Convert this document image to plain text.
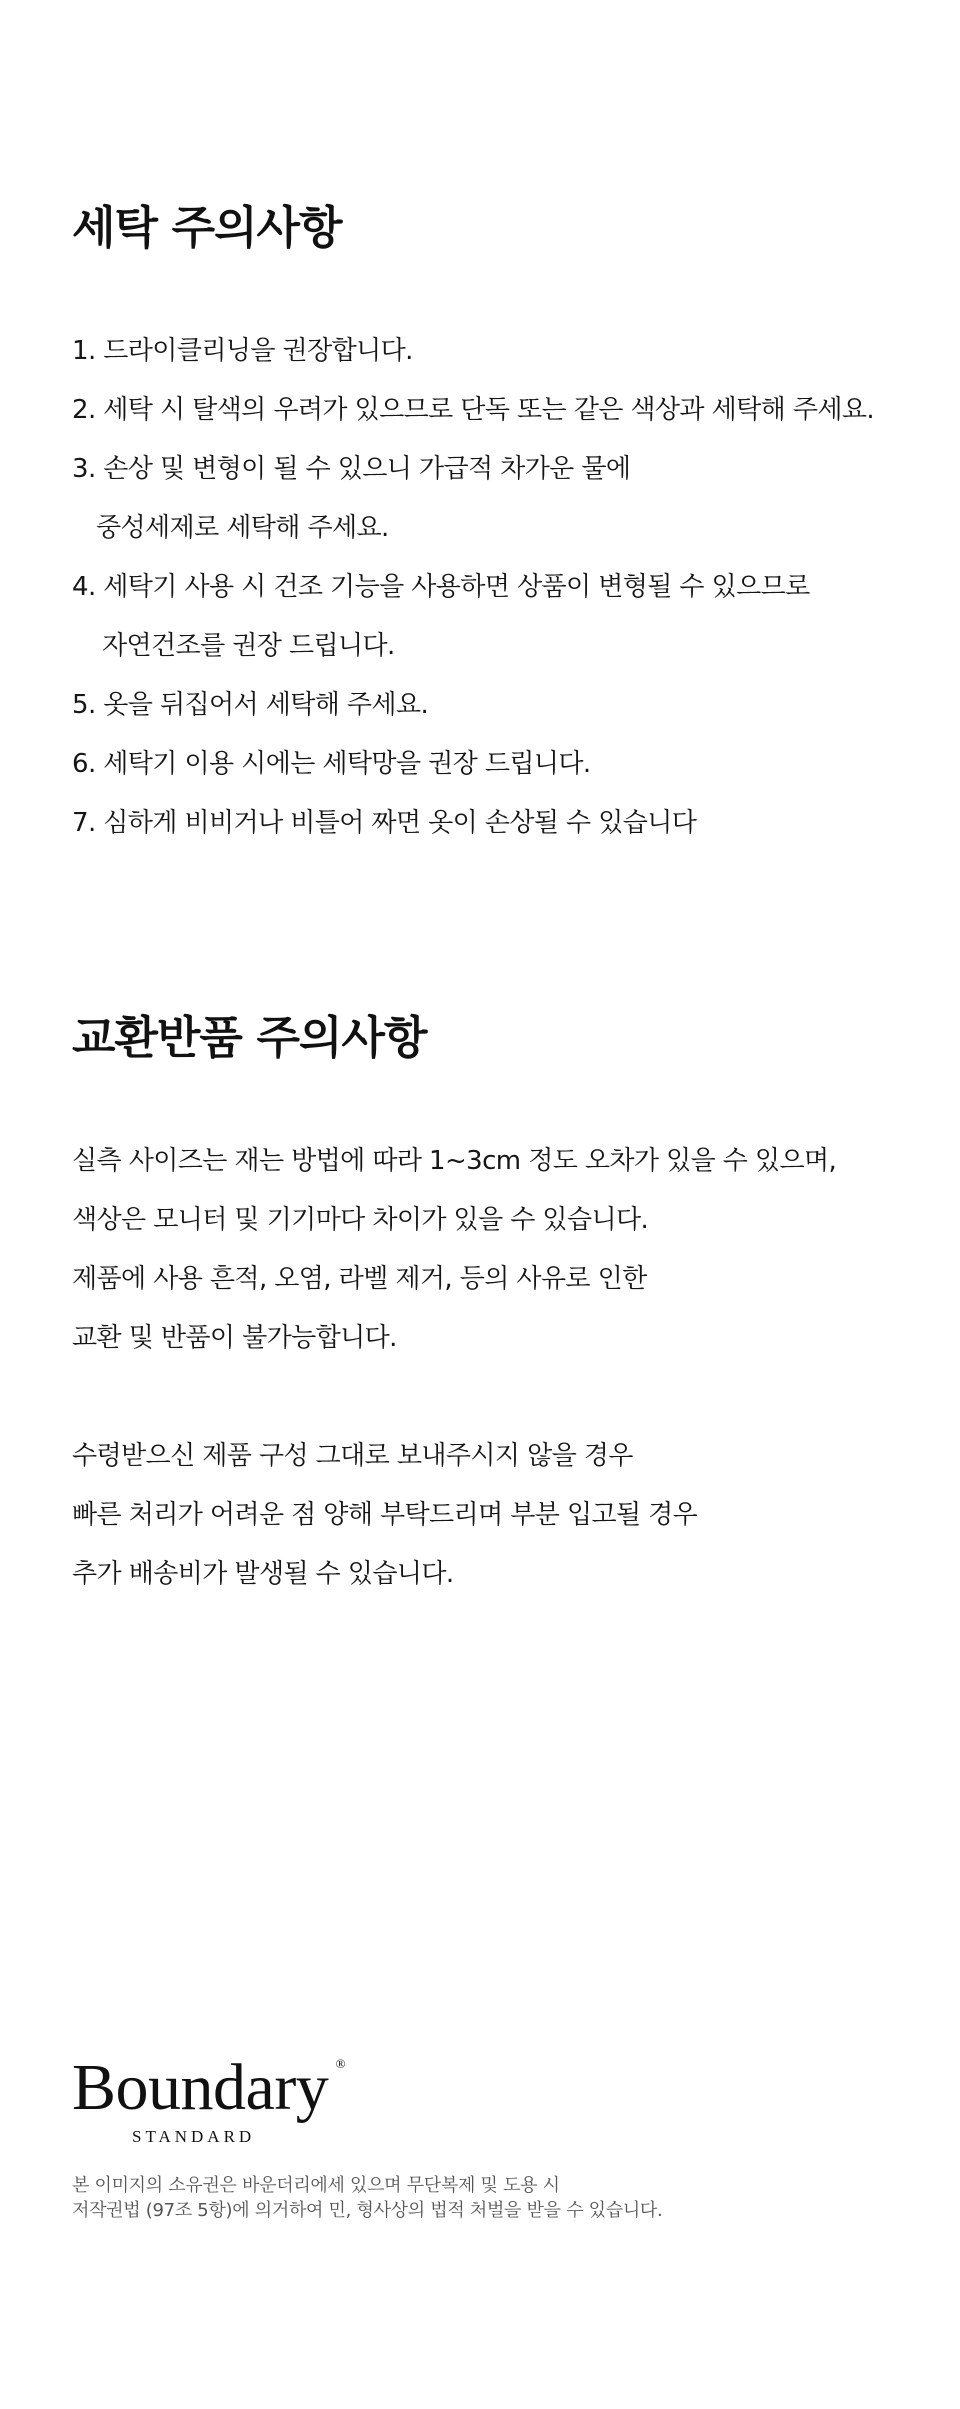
세탁 주의사항
1. 드라이클리닝을 권장합니다.
2. 세탁 시 탈색의 우려가 있으므로 단독 또는 같은 색상과 세탁해 주세요.
3. 손상 및 변형이 될 수 있으니 가급적 차가운 물에
중성세제로 세탁해 주세요.
4. 세탁기 사용 시 건조 기능을 사용하면 상품이 변형될 수 있으므로
자연건조를 권장 드립니다.
5. 옷을 뒤집어서 세탁해 주세요.
6. 세탁기 이용 시에는 세탁망을 권장 드립니다.
7. 심하게 비비거나 비틀어 짜면 옷이 손상될 수 있습니다
교환반품 주의사항
실측 사이즈는 재는 방법에 따라 1~3cm 정도 오차가 있을 수 있으며,
색상은 모니터 및 기기마다 차이가 있을 수 있습니다.
제품에 사용 흔적, 오염, 라벨 제거, 등의 사유로 인한
교환 및 반품이 불가능합니다.
수령받으신 제품 구성 그대로 보내주시지 않을 경우
빠른 처리가 어려운 점 양해 부탁드리며 부분 입고될 경우
추가 배송비가 발생될 수 있습니다.
Boundary ®
STANDARD
본 이미지의 소유권은 바운더리에세 있으며 무단복제 및 도용 시
저작권법 (97조 5항)에 의거하여 민, 형사상의 법적 처벌을 받을 수 있습니다.
